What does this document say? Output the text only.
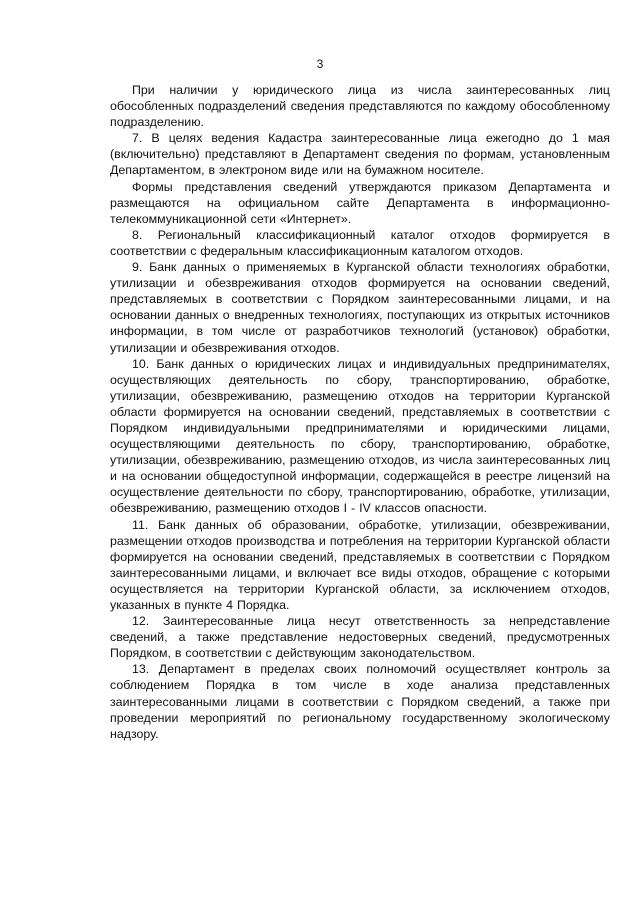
3

При наличии у юридического лица из числа заинтересованных лиц обособленных подразделений сведения представляются по каждому обособленному подразделению.

7. В целях ведения Кадастра заинтересованные лица ежегодно до 1 мая (включительно) представляют в Департамент сведения по формам, установленным Департаментом, в электроном виде или на бумажном носителе.

Формы представления сведений утверждаются приказом Департамента и размещаются на официальном сайте Департамента в информационно-телекоммуникационной сети «Интернет».

8. Региональный классификационный каталог отходов формируется в соответствии с федеральным классификационным каталогом отходов.

9. Банк данных о применяемых в Курганской области технологиях обработки, утилизации и обезвреживания отходов формируется на основании сведений, представляемых в соответствии с Порядком заинтересованными лицами, и на основании данных о внедренных технологиях, поступающих из открытых источников информации, в том числе от разработчиков технологий (установок) обработки, утилизации и обезвреживания отходов.

10. Банк данных о юридических лицах и индивидуальных предпринимателях, осуществляющих деятельность по сбору, транспортированию, обработке, утилизации, обезвреживанию, размещению отходов на территории Курганской области формируется на основании сведений, представляемых в соответствии с Порядком индивидуальными предпринимателями и юридическими лицами, осуществляющими деятельность по сбору, транспортированию, обработке, утилизации, обезвреживанию, размещению отходов, из числа заинтересованных лиц и на основании общедоступной информации, содержащейся в реестре лицензий на осуществление деятельности по сбору, транспортированию, обработке, утилизации, обезвреживанию, размещению отходов I - IV классов опасности.

11. Банк данных об образовании, обработке, утилизации, обезвреживании, размещении отходов производства и потребления на территории Курганской области формируется на основании сведений, представляемых в соответствии с Порядком заинтересованными лицами, и включает все виды отходов, обращение с которыми осуществляется на территории Курганской области, за исключением отходов, указанных в пункте 4 Порядка.

12. Заинтересованные лица несут ответственность за непредставление сведений, а также представление недостоверных сведений, предусмотренных Порядком, в соответствии с действующим законодательством.

13. Департамент в пределах своих полномочий осуществляет контроль за соблюдением Порядка в том числе в ходе анализа представленных заинтересованными лицами в соответствии с Порядком сведений, а также при проведении мероприятий по региональному государственному экологическому надзору.
